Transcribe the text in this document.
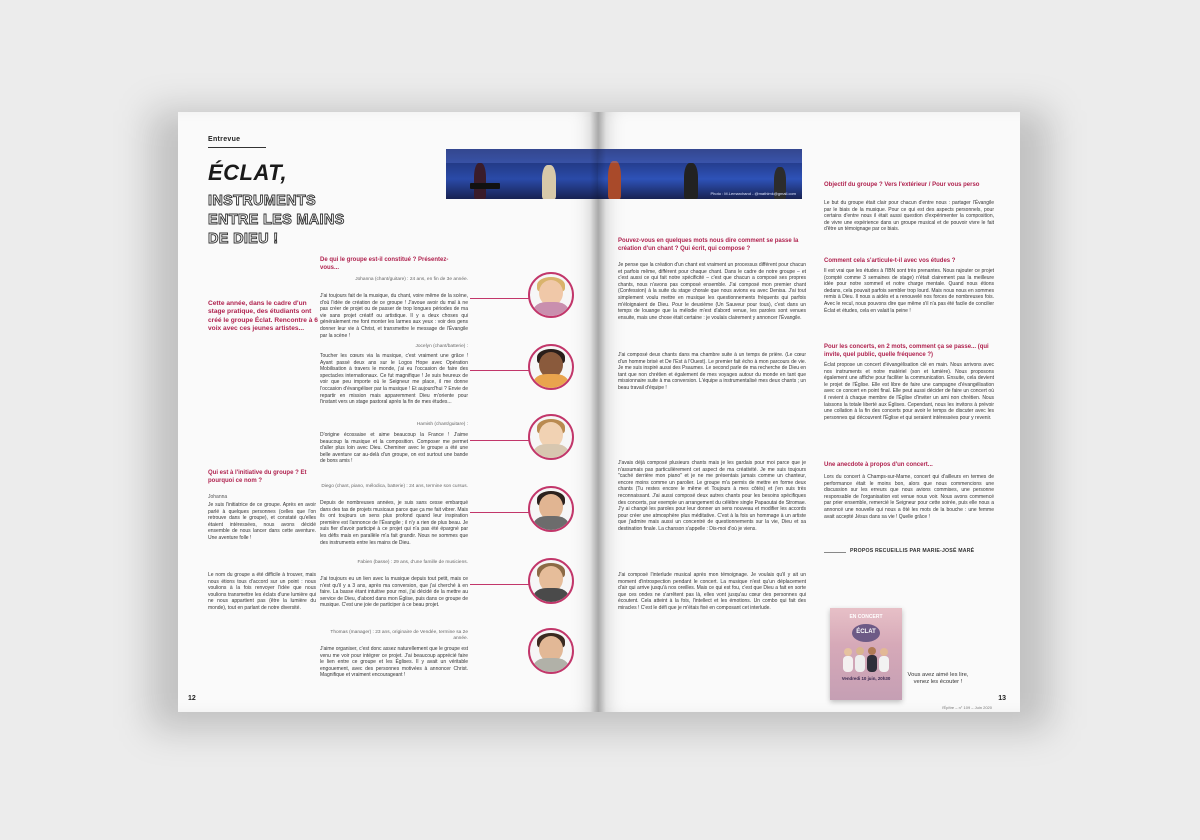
Entrevue
ÉCLAT,
INSTRUMENTS ENTRE LES MAINS DE DIEU !
Cette année, dans le cadre d'un stage pratique, des étudiants ont créé le groupe Éclat. Rencontre à 6 voix avec ces jeunes artistes...
Qui est à l'initiative du groupe ? Et pourquoi ce nom ?
Johanna
Je suis l'initiatrice de ce groupe. Après en avoir parlé à quelques personnes (celles que l'on retrouve dans le groupe), et constaté qu'elles étaient intéressées, nous avons décidé ensemble de nous lancer dans cette aventure. Une aventure folle !
Le nom du groupe a été difficile à trouver, mais nous étions tous d'accord sur un point : nous voulions à la fois renvoyer l'idée que nous voulions transmettre les éclats d'une lumière qui ne nous appartient pas (être la lumière du monde), tout en parlant de notre diversité.
De qui le groupe est-il constitué ? Présentez-vous...
Johanna (chant/guitare) : 24 ans, en fin de 3e année.
J'ai toujours fait de la musique, du chant, voire même de la scène, d'où l'idée de création de ce groupe ! J'avoue avoir du mal à ne pas créer de projet ou de passer de trop longues périodes de ma vie sans projet créatif ou artistique. Il y a deux choses qui généralement me font monter les larmes aux yeux : voir des gens donner leur vie à Christ, et transmettre le message de l'Évangile par la scène !
Jocelyn (chant/batterie) :
Toucher les cœurs via la musique, c'est vraiment une grâce ! Ayant passé deux ans sur le Logos Hope avec Opération Mobilisation à travers le monde, j'ai eu l'occasion de faire des spectacles internationaux. Ce fut magnifique ! Je suis heureux de voir que peu importe où le Seigneur me place, il me donne l'occasion d'évangéliser par la musique ! Et aujourd'hui ? Envie de repartir en mission mais apparemment Dieu m'oriente pour l'instant vers un stage pastoral après la fin de mes études...
Hamish (chant/guitare) :
D'origine écossaise et aime beaucoup la France ! J'aime beaucoup la musique et la composition. Composer me permet d'aller plus loin avec Dieu. Cheminer avec le groupe a été une belle aventure car au-delà d'un groupe, on est surtout une bande de bons amis !
Diego (chant, piano, mélodica, batterie) : 24 ans, termine son cursus.
Depuis de nombreuses années, je suis sans cesse embarqué dans des tas de projets musicaux parce que ça me fait vibrer. Mais ils ont toujours un sens plus profond quand leur inspiration première est l'annonce de l'Évangile ; il n'y a rien de plus beau. Je suis fier d'avoir participé à ce projet qui n'a pas été épargné par les défis mais en parallèle m'a fait grandir. Nous ne sommes que des instruments entre les mains de Dieu.
Fabien (basse) : 29 ans, d'une famille de musiciens.
J'ai toujours eu un lien avec la musique depuis tout petit, mais ce n'est qu'il y a 3 ans, après ma conversion, que j'ai cherché à en faire. La basse étant intuitive pour moi, j'ai décidé de la mettre au service de Dieu, d'abord dans mon Église, puis dans ce groupe de musique. C'est une joie de participer à ce beau projet.
Thomas (manager) : 23 ans, originaire de Vendée, termine sa 2e année.
J'aime organiser, c'est donc assez naturellement que le groupe est venu me voir pour intégrer ce projet. J'ai beaucoup apprécié faire le lien entre ce groupe et les Églises. Il y avait un véritable engouement, avec des personnes motivées à annoncer Christ. Magnifique et vraiment encourageant !
12
Photo : M.Lemarchand - @mathlmk@gmail.com
Pouvez-vous en quelques mots nous dire comment se passe la création d'un chant ? Qui écrit, qui compose ?
Je pense que la création d'un chant est vraiment un processus différent pour chacun et parfois même, différent pour chaque chant. Dans le cadre de notre groupe – et c'est aussi ce qui fait notre spécificité – c'est que chacun a composé ses propres chants, nous n'avons pas composé ensemble. J'ai composé mon premier chant (Confession) à la suite du stage chorale que nous avions eu avec Denisa. J'ai tout simplement voulu mettre en musique les questionnements fréquents qui parfois m'éloignaient de Dieu. Pour le deuxième (Un Sauveur pour tous), c'est dans un temps de louange que la mélodie m'est d'abord venue, les paroles sont venues ensuite, mais une chose était certaine : je voulais clairement y annoncer l'Évangile.
J'ai composé deux chants dans ma chambre suite à un temps de prière. (Le cœur d'un homme brisé et De l'Est à l'Ouest). Le premier fait écho à mon parcours de vie. Je me suis inspiré aussi des Psaumes. Le second parle de ma recherche de Dieu en tant que non chrétien et également de mes voyages autour du monde en tant que missionnaire suite à ma conversion. L'équipe a instrumentalisé mes deux chants ; un beau travail d'équipe !
J'avais déjà composé plusieurs chants mais je les gardais pour moi parce que je n'assumais pas particulièrement cet aspect de ma créativité. Je me suis toujours "caché derrière mon piano" et je ne me présentais jamais comme un chanteur, encore moins comme un parolier. Le groupe m'a permis de mettre en forme deux chants (Tu restes encore le même et Toujours à mes côtés) et j'en suis très reconnaissant. J'ai aussi composé deux autres chants pour les besoins spécifiques des concerts, par exemple un arrangement du célèbre single Papaoutai de Stromae. J'y ai changé les paroles pour leur donner un sens nouveau et modifier les accords pour créer une atmosphère plus méditative. C'est à la fois un hommage à un artiste que j'admire mais aussi un concentré de questionnements sur la vie, Dieu et sa destination finale. La chanson s'appelle : Dis-moi d'où je viens.
J'ai composé l'interlude musical après mon témoignage. Je voulais qu'il y ait un moment d'introspection pendant le concert. La musique n'est qu'un déplacement d'air qui arrive jusqu'à nos oreilles. Mais ce qui est fou, c'est que Dieu a fait en sorte que ces ondes ne s'arrêtent pas là, elles vont jusqu'au cœur des personnes qui écoutent. Cela atteint à la fois, l'intellect et les émotions. Un combo qui fait des miracles ! C'est le défi que je m'étais fixé en composant cet interlude.
Objectif du groupe ? Vers l'extérieur / Pour vous perso
Le but du groupe était clair pour chacun d'entre nous : partager l'Évangile par le biais de la musique. Pour ce qui est des aspects personnels, pour certains d'entre nous il était aussi question d'expérimenter la composition, de vivre une expérience dans un groupe musical et de pouvoir vivre le fait d'être un témoignage par ce biais.
Comment cela s'articule-t-il avec vos études ?
Il est vrai que les études à l'IBN sont très prenantes. Nous rajouter ce projet (compté comme 3 semaines de stage) n'était clairement pas la meilleure idée pour notre sommeil et notre charge mentale. Quand nous étions dedans, cela pouvait parfois sembler trop lourd. Mais nous nous en sommes remis à Dieu. Il nous a aidés et a renouvelé nos forces de nombreuses fois. Avec le recul, nous pouvons dire que même s'il n'a pas été facile de concilier Éclat et études, cela en valait la peine !
Pour les concerts, en 2 mots, comment ça se passe... (qui invite, quel public, quelle fréquence ?)
Éclat propose un concert d'évangélisation clé en main. Nous arrivons avec nos instruments et notre matériel (son et lumière). Nous proposons également une affiche pour faciliter la communication. Ensuite, cela devient le projet de l'Église. Elle est libre de faire une campagne d'évangélisation avec ce concert en point final. Elle peut aussi décider de faire un concert où il revient à chaque membre de l'Église d'inviter un ami non chrétien. Nous laissons la totale liberté aux Églises. Cependant, nous les invitons à prévoir une collation à la fin des concerts pour avoir le temps de discuter avec les personnes qui découvrent l'Église et qui seraient intéressées pour y revenir.
Une anecdote à propos d'un concert...
Lors du concert à Champs-sur-Marne, concert qui d'ailleurs en termes de performance était le moins bon, alors que nous commencions une discussion sur les erreurs que nous avions commises, une personne responsable de l'organisation est venue nous voir. Nous avons commencé par prier ensemble, remercié le Seigneur pour cette soirée, puis elle nous a annoncé une nouvelle qui nous a ôté les mots de la bouche : une femme avait accepté Jésus dans sa vie ! Quelle grâce !
PROPOS RECUEILLIS PAR MARIE-JOSÉ MARÉ
EN CONCERT
ÉCLAT
Vendredi 10 juin, 20h30
Vous avez aimé les lire, venez les écouter !
13
l'Épître – n° 109 – Juin 2020
